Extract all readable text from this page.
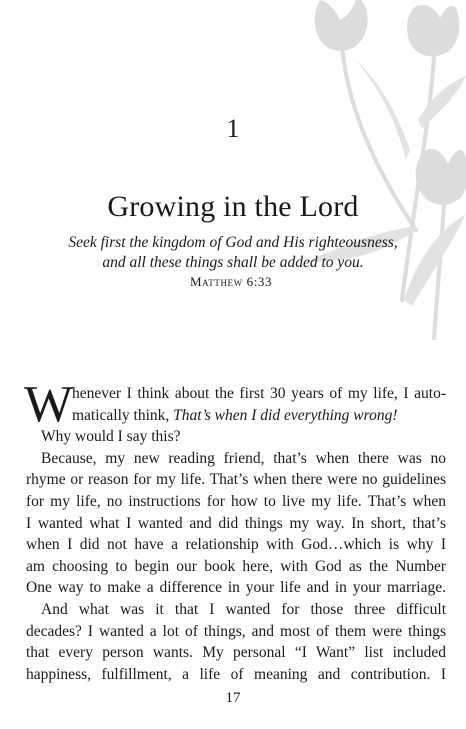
1
Growing in the Lord
Seek first the kingdom of God and His righteousness,
and all these things shall be added to you.
Matthew 6:33
W
henever I think about the first 30 years of my life, I auto-
matically think, That’s when I did everything wrong!
Why would I say this?
Because, my new reading friend, that’s when there was no
rhyme or reason for my life. That’s when there were no guidelines
for my life, no instructions for how to live my life. That’s when
I wanted what I wanted and did things my way. In short, that’s
when I did not have a relationship with God…which is why I
am choosing to begin our book here, with God as the Number
One way to make a difference in your life and in your marriage.
And what was it that I wanted for those three difficult
decades? I wanted a lot of things, and most of them were things
that every person wants. My personal “I Want” list included
happiness, fulfillment, a life of meaning and contribution. I
17
